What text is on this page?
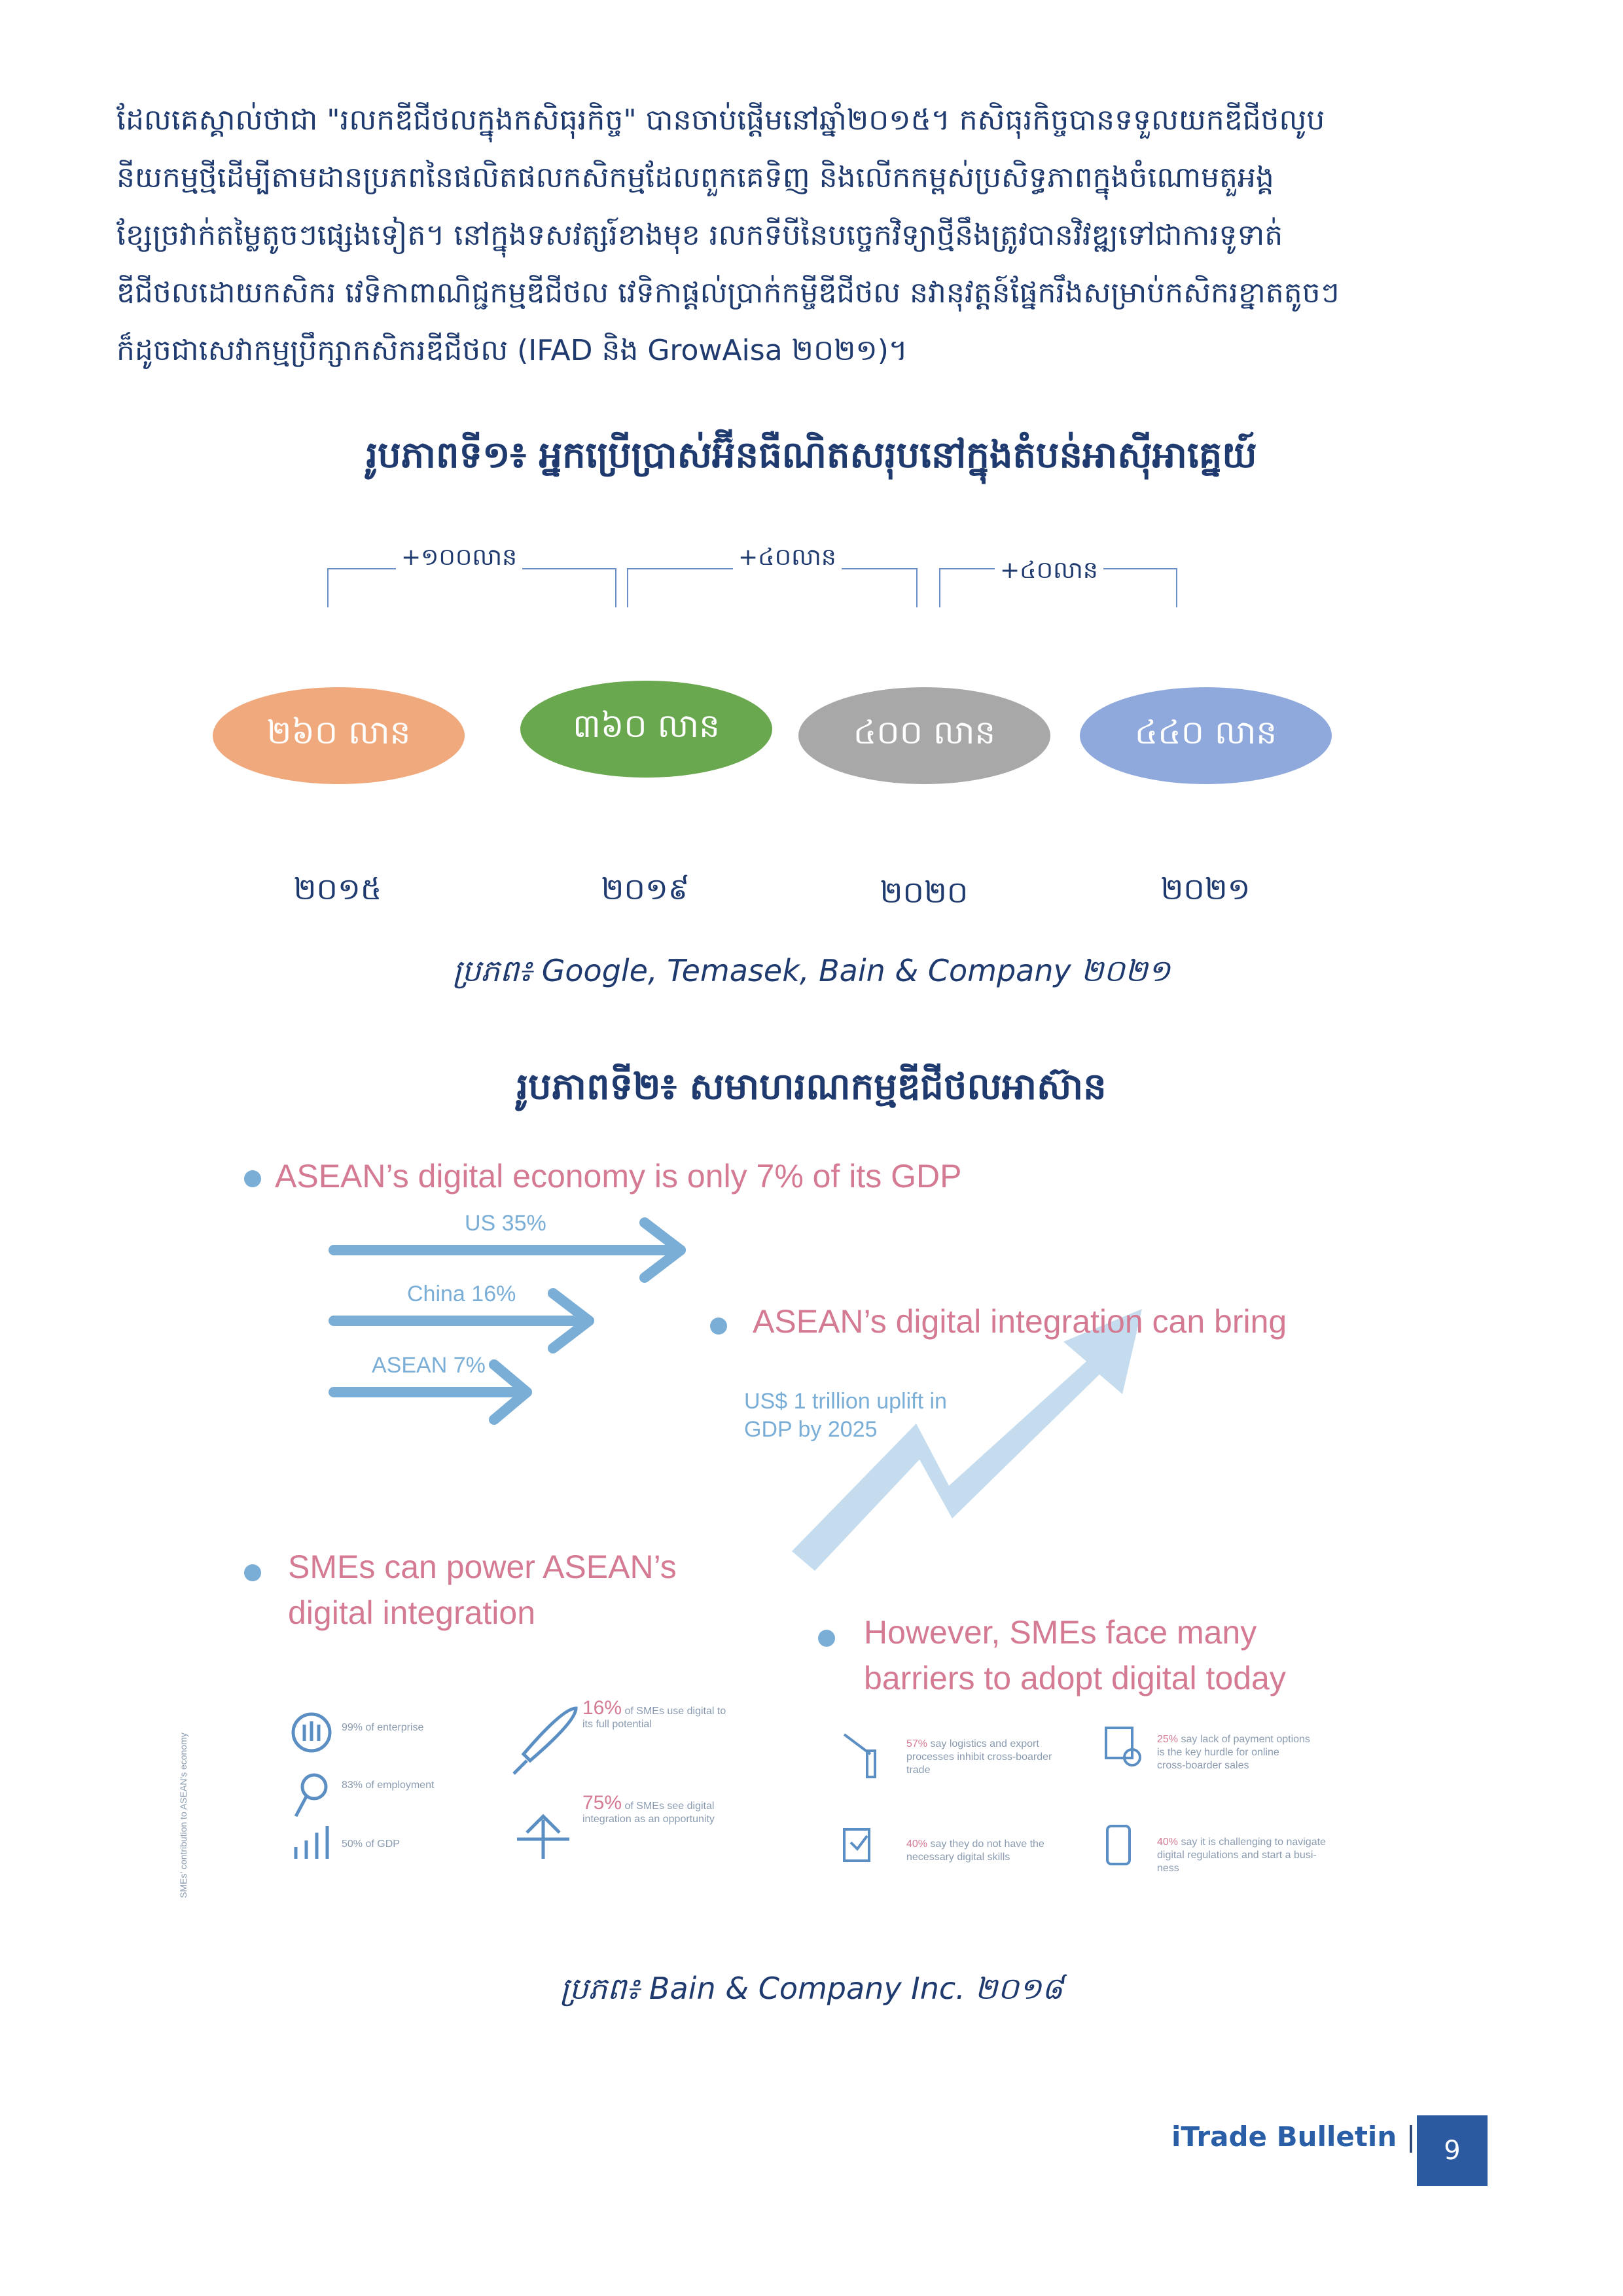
ដែលគេស្គាល់ថាជា "រលកឌីជីថលក្នុងកសិធុរកិច្ច" បានចាប់ផ្តើមនៅឆ្នាំ២០១៥។ កសិធុរកិច្ចបានទទួលយកឌីជីថលូប

នីយកម្មថ្មីដើម្បីតាមដានប្រភពនៃផលិតផលកសិកម្មដែលពួកគេទិញ និងលើកកម្ពស់ប្រសិទ្ធភាពក្នុងចំណោមតួអង្គ

ខ្សែច្រវាក់តម្លៃតូចៗផ្សេងទៀត។ នៅក្នុងទសវត្សរ៍ខាងមុខ រលកទីបីនៃបច្ចេកវិទ្យាថ្មីនឹងត្រូវបានវិវឌ្ឍទៅជាការទូទាត់

ឌីជីថលដោយកសិករ វេទិកាពាណិជ្ជកម្មឌីជីថល វេទិកាផ្តល់ប្រាក់កម្ចីឌីជីថល នវានុវត្តន៍ផ្នែករឹងសម្រាប់កសិករខ្នាតតូចៗ

ក៏ដូចជាសេវាកម្មប្រឹក្សាកសិករឌីជីថល (IFAD និង GrowAisa ២០២១)។

រូបភាពទី១៖ អ្នកប្រើប្រាស់អ៊ីនធឺណិតសរុបនៅក្នុងតំបន់អាស៊ីអាគ្នេយ៍
+១០០លាន	+៤០លាន	+៤០លាន
២៦០ លាន	៣៦០ លាន	៤០០ លាន	៤៤០ លាន
២០១៥	២០១៩	២០២០	២០២១
ប្រភព៖ Google, Temasek, Bain & Company ២០២១
រូបភាពទី២៖ សមាហរណកម្មឌីជីថលអាស៊ាន
ASEAN’s digital economy is only 7% of its GDP
US 35%
China 16%
ASEAN 7%
ASEAN’s digital integration can bring
US$ 1 trillion uplift in
GDP by 2025
SMEs can power ASEAN’s
digital integration
However, SMEs face many
barriers to adopt digital today
SMEs' contribution to ASEAN's economy
99% of enterprise
83% of employment
50% of GDP
16% of SMEs use digital to
its full potential
75% of SMEs see digital
integration as an opportunity
57% say logistics and export
processes inhibit cross-boarder
trade
25% say lack of payment options
is the key hurdle for online
cross-boarder sales
40% say they do not have the
necessary digital skills
40% say it is challenging to navigate
digital regulations and start a busi-
ness
ប្រភព៖ Bain & Company Inc. ២០១៨
iTrade Bulletin |	9
